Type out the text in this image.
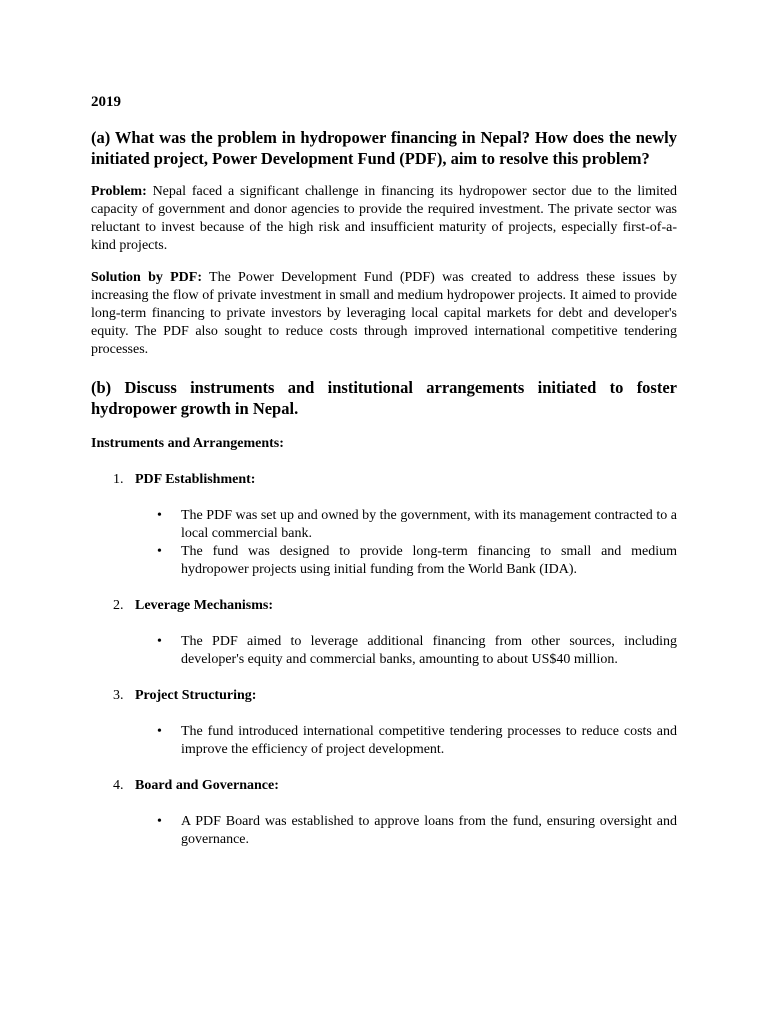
2019
(a) What was the problem in hydropower financing in Nepal? How does the newly initiated project, Power Development Fund (PDF), aim to resolve this problem?

Problem: Nepal faced a significant challenge in financing its hydropower sector due to the limited capacity of government and donor agencies to provide the required investment. The private sector was reluctant to invest because of the high risk and insufficient maturity of projects, especially first-of-a-kind projects.

Solution by PDF: The Power Development Fund (PDF) was created to address these issues by increasing the flow of private investment in small and medium hydropower projects. It aimed to provide long-term financing to private investors by leveraging local capital markets for debt and developer's equity. The PDF also sought to reduce costs through improved international competitive tendering processes.

(b) Discuss instruments and institutional arrangements initiated to foster hydropower growth in Nepal.
Instruments and Arrangements:
1. PDF Establishment:
• The PDF was set up and owned by the government, with its management contracted to a local commercial bank.
• The fund was designed to provide long-term financing to small and medium hydropower projects using initial funding from the World Bank (IDA).
2. Leverage Mechanisms:
• The PDF aimed to leverage additional financing from other sources, including developer's equity and commercial banks, amounting to about US$40 million.
3. Project Structuring:
• The fund introduced international competitive tendering processes to reduce costs and improve the efficiency of project development.
4. Board and Governance:
• A PDF Board was established to approve loans from the fund, ensuring oversight and governance.
